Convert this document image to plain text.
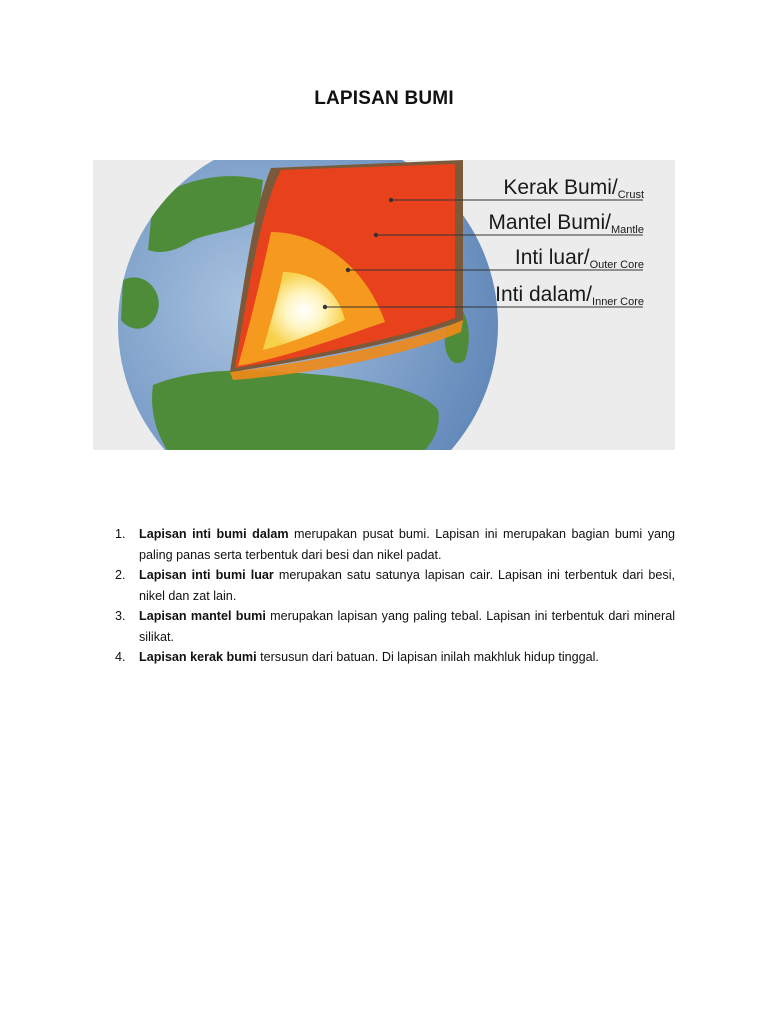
LAPISAN BUMI
Kerak Bumi/$_{Crust}$
Mantel Bumi/$_{Mantle}$
Inti luar/$_{Outer Core}$
Inti dalam/$_{Inner Core}$
1. Lapisan inti bumi dalam merupakan pusat bumi. Lapisan ini merupakan bagian bumi yang paling panas serta terbentuk dari besi dan nikel padat.
2. Lapisan inti bumi luar merupakan satu satunya lapisan cair. Lapisan ini terbentuk dari besi, nikel dan zat lain.
3. Lapisan mantel bumi merupakan lapisan yang paling tebal. Lapisan ini terbentuk dari mineral silikat.
4. Lapisan kerak bumi tersusun dari batuan. Di lapisan inilah makhluk hidup tinggal.
